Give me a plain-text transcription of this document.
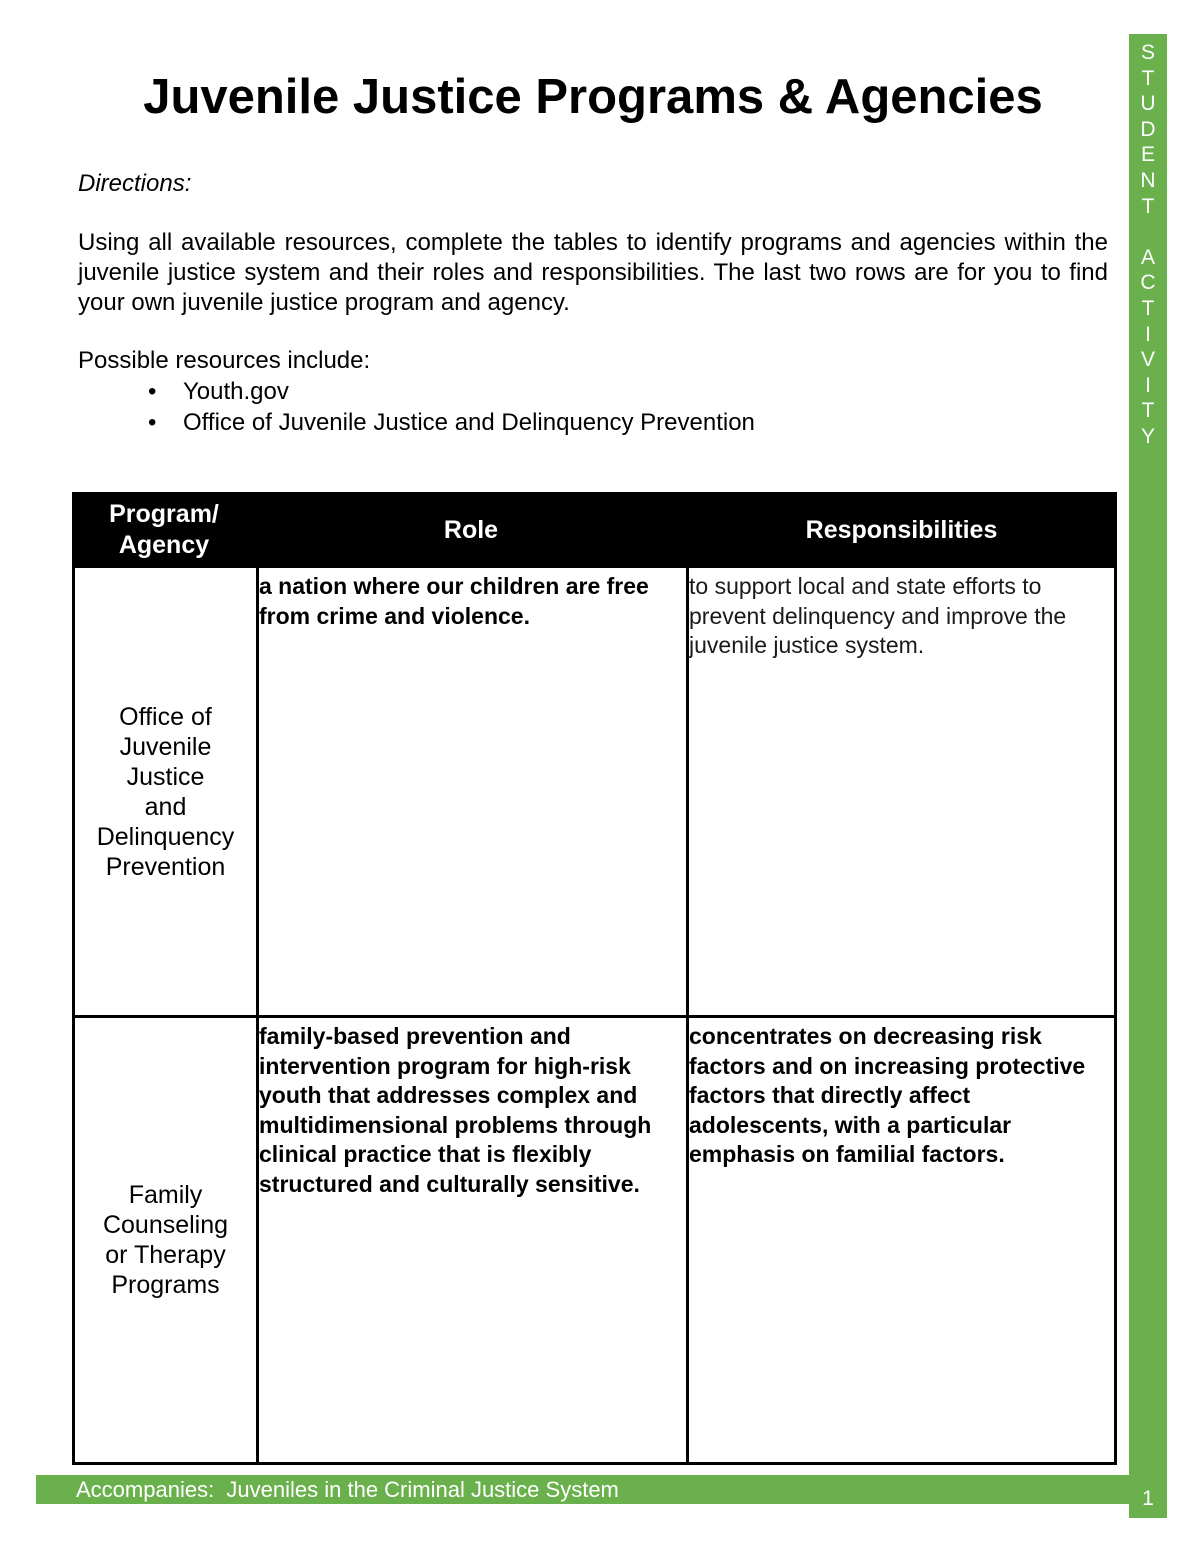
Juvenile Justice Programs & Agencies
Directions:

Using all available resources, complete the tables to identify programs and agencies within the juvenile justice system and their roles and responsibilities. The last two rows are for you to find your own juvenile justice program and agency.

Possible resources include:
• Youth.gov
• Office of Juvenile Justice and Delinquency Prevention
Program/
Agency
Role	Responsibilities
Office of
Juvenile
Justice
and
Delinquency
Prevention

a nation where our children are free from crime and violence.

to support local and state efforts to prevent delinquency and improve the juvenile justice system.

Family
Counseling
or Therapy
Programs

family-based prevention and intervention program for high-risk youth that addresses complex and multidimensional problems through clinical practice that is flexibly structured and culturally sensitive.

concentrates on decreasing risk factors and on increasing protective factors that directly affect adolescents, with a particular emphasis on familial factors.

S
T
U
D
E
N
T

A
C
T
I
V
I
T
Y
1
Accompanies:  Juveniles in the Criminal Justice System
